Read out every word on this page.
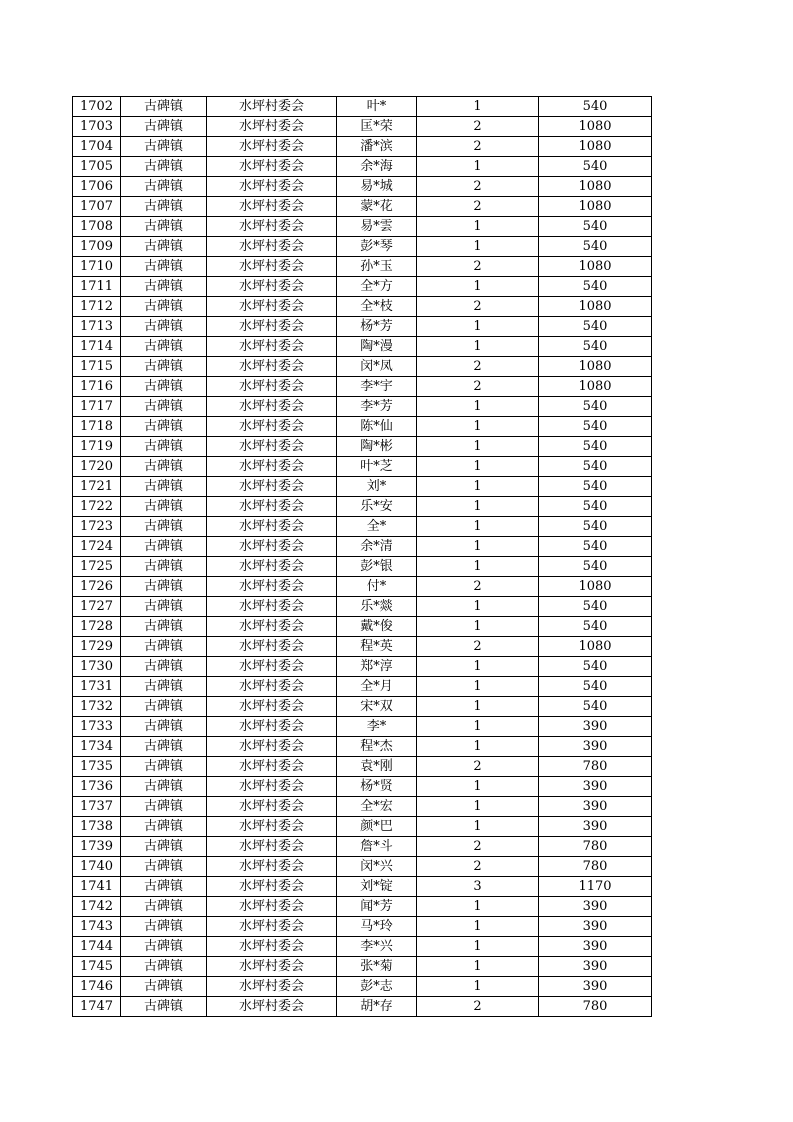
1702	古碑镇	水坪村委会	叶*	1	540
1703	古碑镇	水坪村委会	匡*荣	2	1080
1704	古碑镇	水坪村委会	潘*滨	2	1080
1705	古碑镇	水坪村委会	余*海	1	540
1706	古碑镇	水坪村委会	易*城	2	1080
1707	古碑镇	水坪村委会	蒙*花	2	1080
1708	古碑镇	水坪村委会	易*雲	1	540
1709	古碑镇	水坪村委会	彭*琴	1	540
1710	古碑镇	水坪村委会	孙*玉	2	1080
1711	古碑镇	水坪村委会	全*方	1	540
1712	古碑镇	水坪村委会	全*枝	2	1080
1713	古碑镇	水坪村委会	杨*芳	1	540
1714	古碑镇	水坪村委会	陶*漫	1	540
1715	古碑镇	水坪村委会	闵*凤	2	1080
1716	古碑镇	水坪村委会	李*宇	2	1080
1717	古碑镇	水坪村委会	李*芳	1	540
1718	古碑镇	水坪村委会	陈*仙	1	540
1719	古碑镇	水坪村委会	陶*彬	1	540
1720	古碑镇	水坪村委会	叶*芝	1	540
1721	古碑镇	水坪村委会	刘*	1	540
1722	古碑镇	水坪村委会	乐*安	1	540
1723	古碑镇	水坪村委会	全*	1	540
1724	古碑镇	水坪村委会	余*清	1	540
1725	古碑镇	水坪村委会	彭*银	1	540
1726	古碑镇	水坪村委会	付*	2	1080
1727	古碑镇	水坪村委会	乐*燚	1	540
1728	古碑镇	水坪村委会	戴*俊	1	540
1729	古碑镇	水坪村委会	程*英	2	1080
1730	古碑镇	水坪村委会	郑*淳	1	540
1731	古碑镇	水坪村委会	全*月	1	540
1732	古碑镇	水坪村委会	宋*双	1	540
1733	古碑镇	水坪村委会	李*	1	390
1734	古碑镇	水坪村委会	程*杰	1	390
1735	古碑镇	水坪村委会	袁*刚	2	780
1736	古碑镇	水坪村委会	杨*贤	1	390
1737	古碑镇	水坪村委会	全*宏	1	390
1738	古碑镇	水坪村委会	颜*巴	1	390
1739	古碑镇	水坪村委会	詹*斗	2	780
1740	古碑镇	水坪村委会	闵*兴	2	780
1741	古碑镇	水坪村委会	刘*锭	3	1170
1742	古碑镇	水坪村委会	闻*芳	1	390
1743	古碑镇	水坪村委会	马*玲	1	390
1744	古碑镇	水坪村委会	李*兴	1	390
1745	古碑镇	水坪村委会	张*菊	1	390
1746	古碑镇	水坪村委会	彭*志	1	390
1747	古碑镇	水坪村委会	胡*存	2	780
